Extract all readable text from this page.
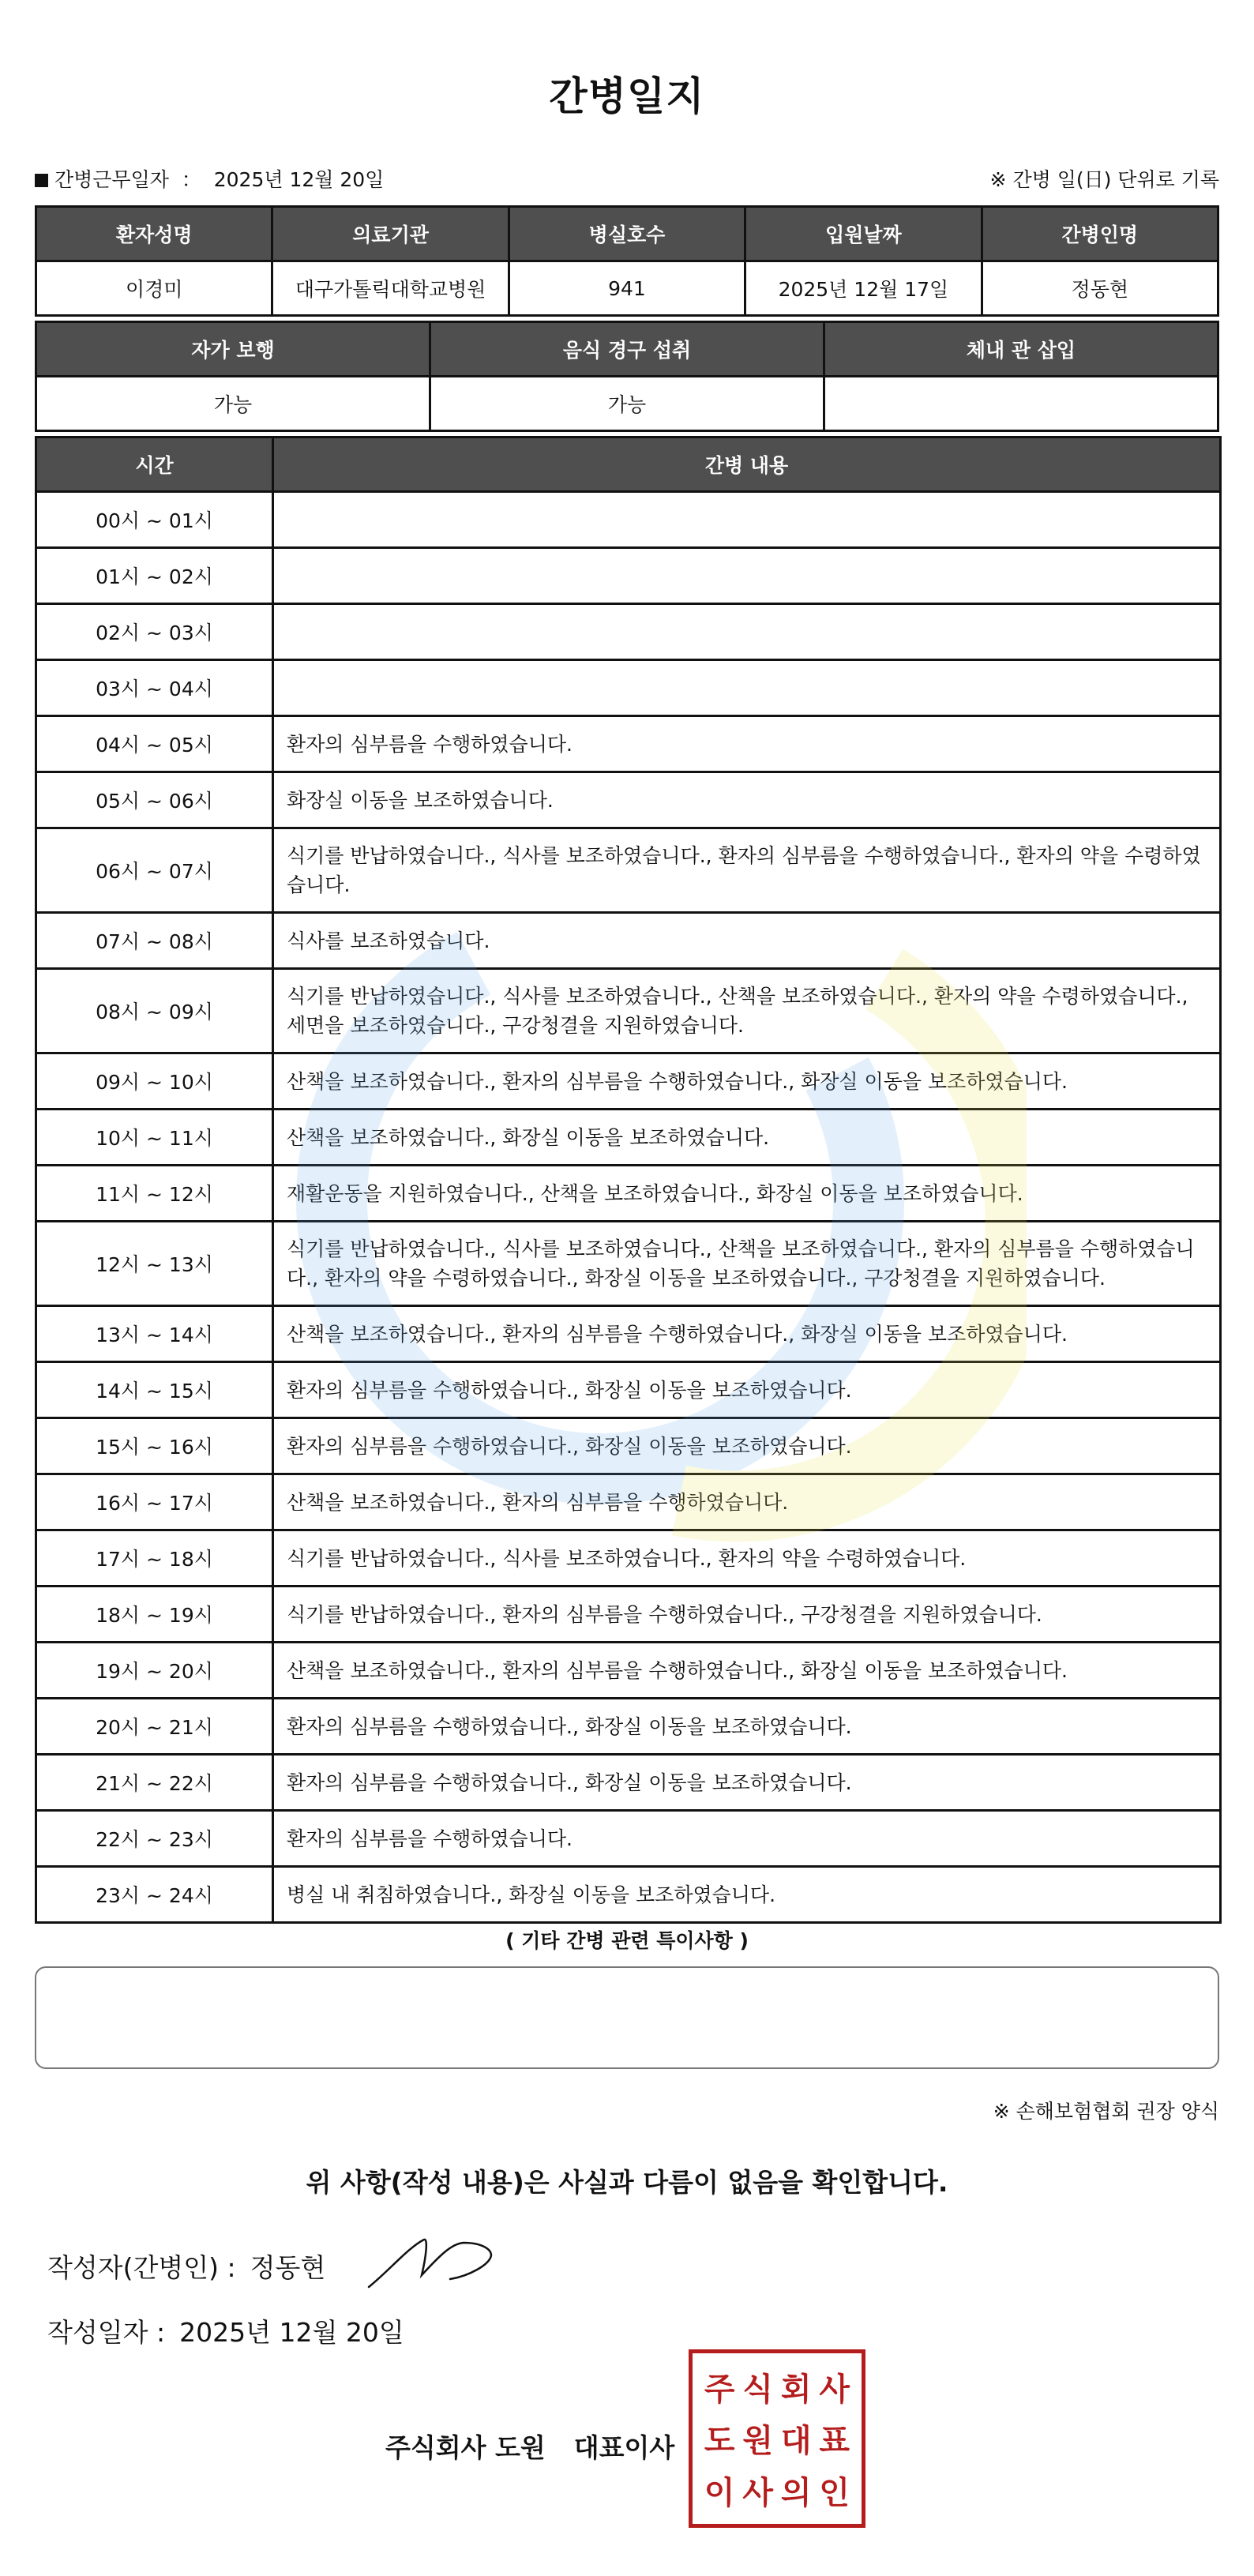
간병일지
간병근무일자 ： 2025년 12월 20일	※ 간병 일(日) 단위로 기록
환자성명	의료기관	병실호수	입원날짜	간병인명
이경미	대구가톨릭대학교병원	941	2025년 12월 17일	정동현
자가 보행	음식 경구 섭취	체내 관 삽입
가능	가능	
시간	간병 내용
00시 ~ 01시	
01시 ~ 02시	
02시 ~ 03시	
03시 ~ 04시	
04시 ~ 05시	환자의 심부름을 수행하였습니다.
05시 ~ 06시	화장실 이동을 보조하였습니다.
06시 ~ 07시	식기를 반납하였습니다., 식사를 보조하였습니다., 환자의 심부름을 수행하였습니다., 환자의 약을 수령하였습니다.
07시 ~ 08시	식사를 보조하였습니다.
08시 ~ 09시	식기를 반납하였습니다., 식사를 보조하였습니다., 산책을 보조하였습니다., 환자의 약을 수령하였습니다., 세면을 보조하였습니다., 구강청결을 지원하였습니다.
09시 ~ 10시	산책을 보조하였습니다., 환자의 심부름을 수행하였습니다., 화장실 이동을 보조하였습니다.
10시 ~ 11시	산책을 보조하였습니다., 화장실 이동을 보조하였습니다.
11시 ~ 12시	재활운동을 지원하였습니다., 산책을 보조하였습니다., 화장실 이동을 보조하였습니다.
12시 ~ 13시	식기를 반납하였습니다., 식사를 보조하였습니다., 산책을 보조하였습니다., 환자의 심부름을 수행하였습니다., 환자의 약을 수령하였습니다., 화장실 이동을 보조하였습니다., 구강청결을 지원하였습니다.
13시 ~ 14시	산책을 보조하였습니다., 환자의 심부름을 수행하였습니다., 화장실 이동을 보조하였습니다.
14시 ~ 15시	환자의 심부름을 수행하였습니다., 화장실 이동을 보조하였습니다.
15시 ~ 16시	환자의 심부름을 수행하였습니다., 화장실 이동을 보조하였습니다.
16시 ~ 17시	산책을 보조하였습니다., 환자의 심부름을 수행하였습니다.
17시 ~ 18시	식기를 반납하였습니다., 식사를 보조하였습니다., 환자의 약을 수령하였습니다.
18시 ~ 19시	식기를 반납하였습니다., 환자의 심부름을 수행하였습니다., 구강청결을 지원하였습니다.
19시 ~ 20시	산책을 보조하였습니다., 환자의 심부름을 수행하였습니다., 화장실 이동을 보조하였습니다.
20시 ~ 21시	환자의 심부름을 수행하였습니다., 화장실 이동을 보조하였습니다.
21시 ~ 22시	환자의 심부름을 수행하였습니다., 화장실 이동을 보조하였습니다.
22시 ~ 23시	환자의 심부름을 수행하였습니다.
23시 ~ 24시	병실 내 취침하였습니다., 화장실 이동을 보조하였습니다.
( 기타 간병 관련 특이사항 )
※ 손해보험협회 권장 양식
위 사항(작성 내용)은 사실과 다름이 없음을 확인합니다.
작성자(간병인) : 정동현
작성일자 : 2025년 12월 20일
주식회사 도원 대표이사
주 식 회 사
도 원 대 표
이 사 의 인
